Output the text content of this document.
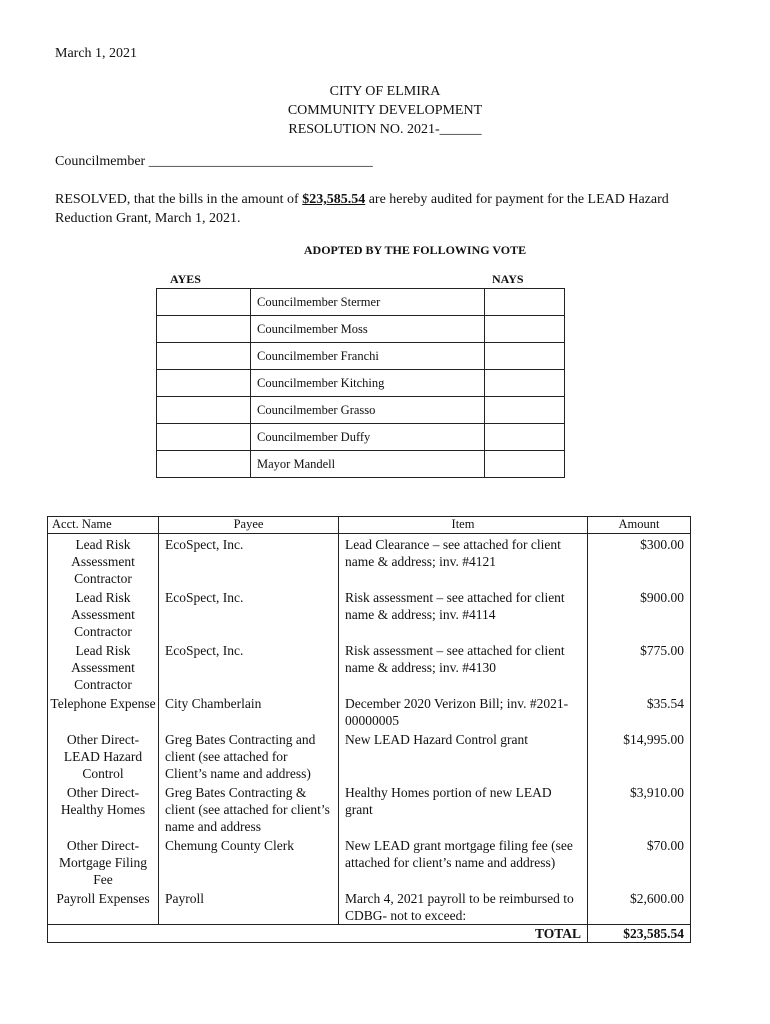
March 1, 2021
CITY OF ELMIRA
COMMUNITY DEVELOPMENT
RESOLUTION NO. 2021-______
Councilmember ________________________________
RESOLVED, that the bills in the amount of $23,585.54 are hereby audited for payment for the LEAD Hazard Reduction Grant, March 1, 2021.
ADOPTED BY THE FOLLOWING VOTE
AYES	NAYS
	Councilmember Stermer	
	Councilmember Moss	
	Councilmember Franchi	
	Councilmember Kitching	
	Councilmember Grasso	
	Councilmember Duffy	
	Mayor Mandell	
Acct. Name	Payee	Item	Amount
Lead Risk Assessment Contractor	EcoSpect, Inc.	Lead Clearance – see attached for client name & address; inv. #4121	$300.00
Lead Risk Assessment Contractor	EcoSpect, Inc.	Risk assessment – see attached for client name & address; inv. #4114	$900.00
Lead Risk Assessment Contractor	EcoSpect, Inc.	Risk assessment – see attached for client name & address; inv. #4130	$775.00
Telephone Expense	City Chamberlain	December 2020 Verizon Bill; inv. #2021-00000005	$35.54
Other Direct-LEAD Hazard Control	Greg Bates Contracting and client (see attached for Client’s name and address)	New LEAD Hazard Control grant	$14,995.00
Other Direct-Healthy Homes	Greg Bates Contracting & client (see attached for client’s name and address	Healthy Homes portion of new LEAD grant	$3,910.00
Other Direct-Mortgage Filing Fee	Chemung County Clerk	New LEAD grant mortgage filing fee (see attached for client’s name and address)	$70.00
Payroll Expenses	Payroll	March 4, 2021 payroll to be reimbursed to CDBG- not to exceed:	$2,600.00
TOTAL			$23,585.54
